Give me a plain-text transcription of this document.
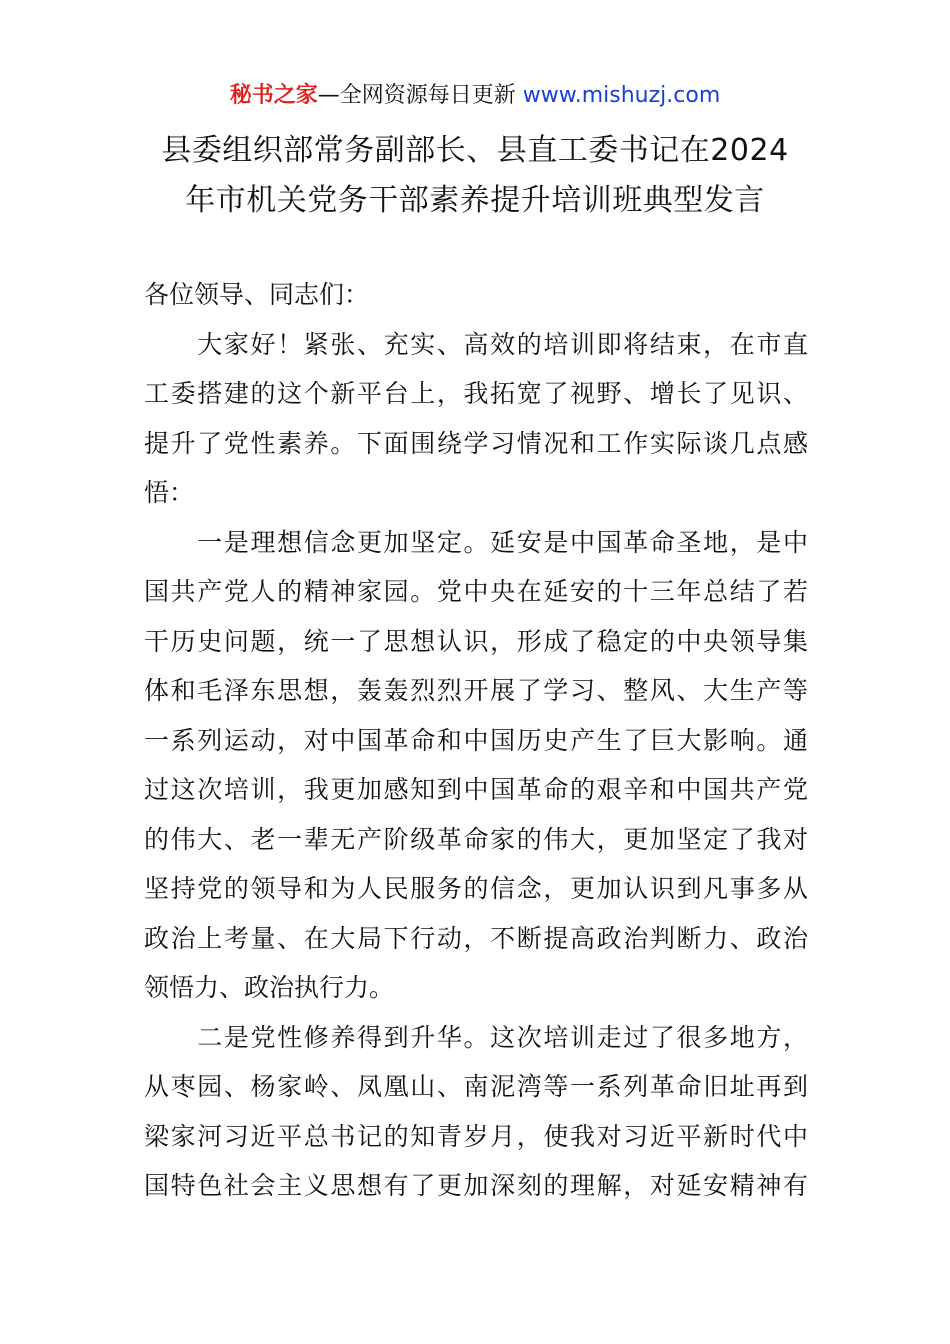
秘书之家—全网资源每日更新 www.mishuzj.com
县委组织部常务副部长、县直工委书记在2024
年市机关党务干部素养提升培训班典型发言
各位领导、同志们：
　　大家好！紧张、充实、高效的培训即将结束，在市直
工委搭建的这个新平台上，我拓宽了视野、增长了见识、
提升了党性素养。下面围绕学习情况和工作实际谈几点感
悟：
　　一是理想信念更加坚定。延安是中国革命圣地，是中
国共产党人的精神家园。党中央在延安的十三年总结了若
干历史问题，统一了思想认识，形成了稳定的中央领导集
体和毛泽东思想，轰轰烈烈开展了学习、整风、大生产等
一系列运动，对中国革命和中国历史产生了巨大影响。通
过这次培训，我更加感知到中国革命的艰辛和中国共产党
的伟大、老一辈无产阶级革命家的伟大，更加坚定了我对
坚持党的领导和为人民服务的信念，更加认识到凡事多从
政治上考量、在大局下行动，不断提高政治判断力、政治
领悟力、政治执行力。
　　二是党性修养得到升华。这次培训走过了很多地方，
从枣园、杨家岭、凤凰山、南泥湾等一系列革命旧址再到
梁家河习近平总书记的知青岁月，使我对习近平新时代中
国特色社会主义思想有了更加深刻的理解，对延安精神有
